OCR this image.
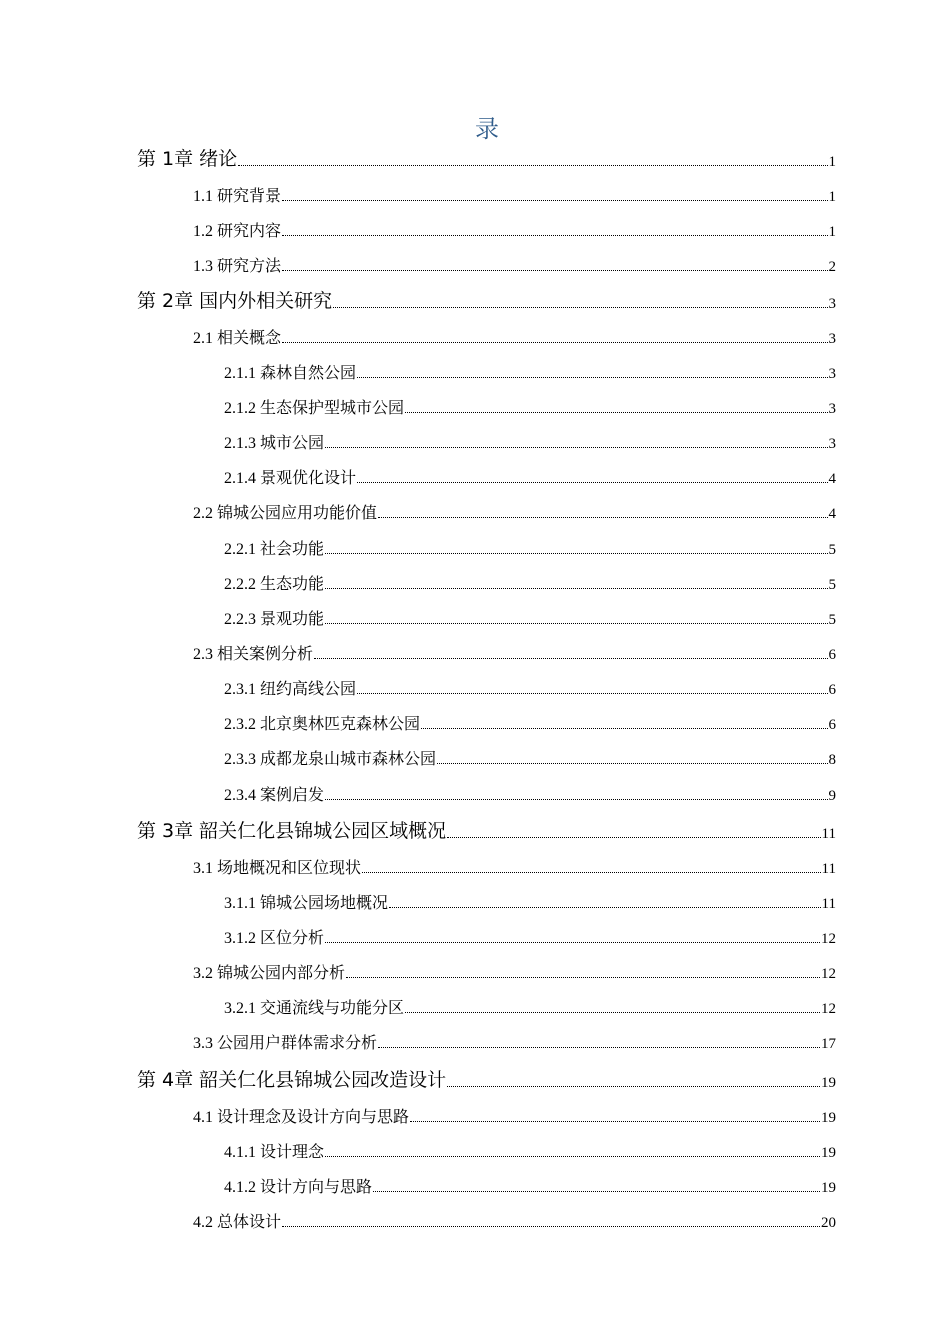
录
第 1章 绪论	1
1.1 研究背景	1
1.2 研究内容	1
1.3 研究方法	2
第 2章 国内外相关研究	3
2.1 相关概念	3
2.1.1 森林自然公园	3
2.1.2 生态保护型城市公园	3
2.1.3 城市公园	3
2.1.4 景观优化设计	4
2.2 锦城公园应用功能价值	4
2.2.1 社会功能	5
2.2.2 生态功能	5
2.2.3 景观功能	5
2.3 相关案例分析	6
2.3.1 纽约高线公园	6
2.3.2 北京奥林匹克森林公园	6
2.3.3 成都龙泉山城市森林公园	8
2.3.4 案例启发	9
第 3章 韶关仁化县锦城公园区域概况	11
3.1 场地概况和区位现状	11
3.1.1 锦城公园场地概况	11
3.1.2 区位分析	12
3.2 锦城公园内部分析	12
3.2.1 交通流线与功能分区	12
3.3 公园用户群体需求分析	17
第 4章 韶关仁化县锦城公园改造设计	19
4.1 设计理念及设计方向与思路	19
4.1.1 设计理念	19
4.1.2 设计方向与思路	19
4.2 总体设计	20
